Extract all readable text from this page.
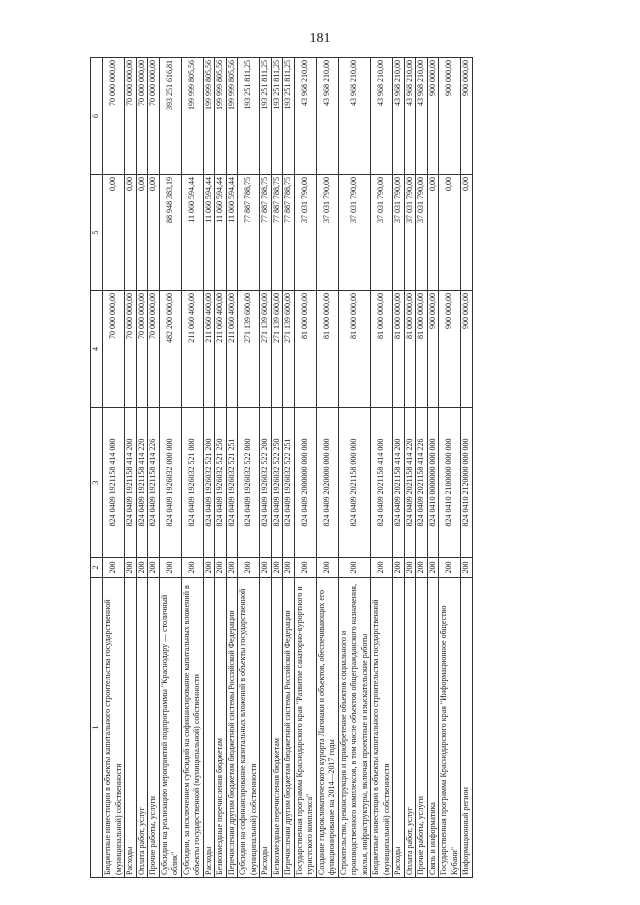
181
1	2	3	4	5	6
Бюджетные инвестиции в объекты капитального строительства государственной (муниципальной) собственности	200	824 0409 1921158 414 000	70 000 000,00	0,00	70 000 000,00
Расходы	200	824 0409 1921158 414 200	70 000 000,00	0,00	70 000 000,00
Оплата работ, услуг	200	824 0409 1921158 414 220	70 000 000,00	0,00	70 000 000,00
Прочие работы, услуги	200	824 0409 1921158 414 226	70 000 000,00	0,00	70 000 000,00
Субсидии на реализацию мероприятий подпрограммы "Краснодару — столичный облик"	200	824 0409 1926032 000 000	482 200 000,00	88 948 383,19	393 251 616,81
Субсидии, за исключением субсидий на софинансирование капитальных вложений в объекты государственной (муниципальной) собственности	200	824 0409 1926032 521 000	211 060 400,00	11 060 594,44	199 999 805,56
Расходы	200	824 0409 1926032 521 200	211 060 400,00	11 060 594,44	199 999 805,56
Безвозмездные перечисления бюджетам	200	824 0409 1926032 521 250	211 060 400,00	11 060 594,44	199 999 805,56
Перечисления другим бюджетам бюджетной системы Российской Федерации	200	824 0409 1926032 521 251	211 060 400,00	11 060 594,44	199 999 805,56
Субсидии на софинансирование капитальных вложений в объекты государственной (муниципальной) собственности	200	824 0409 1926032 522 000	271 139 600,00	77 887 788,75	193 251 811,25
Расходы	200	824 0409 1926032 522 200	271 139 600,00	77 887 788,75	193 251 811,25
Безвозмездные перечисления бюджетам	200	824 0409 1926032 522 250	271 139 600,00	77 887 788,75	193 251 811,25
Перечисления другим бюджетам бюджетной системы Российской Федерации	200	824 0409 1926032 522 251	271 139 600,00	77 887 788,75	193 251 811,25
Государственная программа Краснодарского края "Развитие санаторно-курортного и туристского комплекса"	200	824 0409 2000000 000 000	81 000 000,00	37 031 790,00	43 968 210,00
Создание гидроклиматического курорта Лагонаки и объектов, обеспечивающих его функционирование на 2014—2017 годы	200	824 0409 2020000 000 000	81 000 000,00	37 031 790,00	43 968 210,00
Строительство, реконструкция и приобретение объектов социального и производственного комплексов, в том числе объектов общегражданского назначения, жилья, инфраструктуры, включая проектные и изыскательские работы	200	824 0409 2021158 000 000	81 000 000,00	37 031 790,00	43 968 210,00
Бюджетные инвестиции в объекты капитального строительства государственной (муниципальной) собственности	200	824 0409 2021158 414 000	81 000 000,00	37 031 790,00	43 968 210,00
Расходы	200	824 0409 2021158 414 200	81 000 000,00	37 031 790,00	43 968 210,00
Оплата работ, услуг	200	824 0409 2021158 414 220	81 000 000,00	37 031 790,00	43 968 210,00
Прочие работы, услуги	200	824 0409 2021158 414 226	81 000 000,00	37 031 790,00	43 968 210,00
Связь и информатика	200	824 0410 0000000 000 000	900 000,00	0,00	900 000,00
Государственная программа Краснодарского края "Информационное общество Кубани"	200	824 0410 2100000 000 000	900 000,00	0,00	900 000,00
Информационный регион	200	824 0410 2120000 000 000	900 000,00	0,00	900 000,00
